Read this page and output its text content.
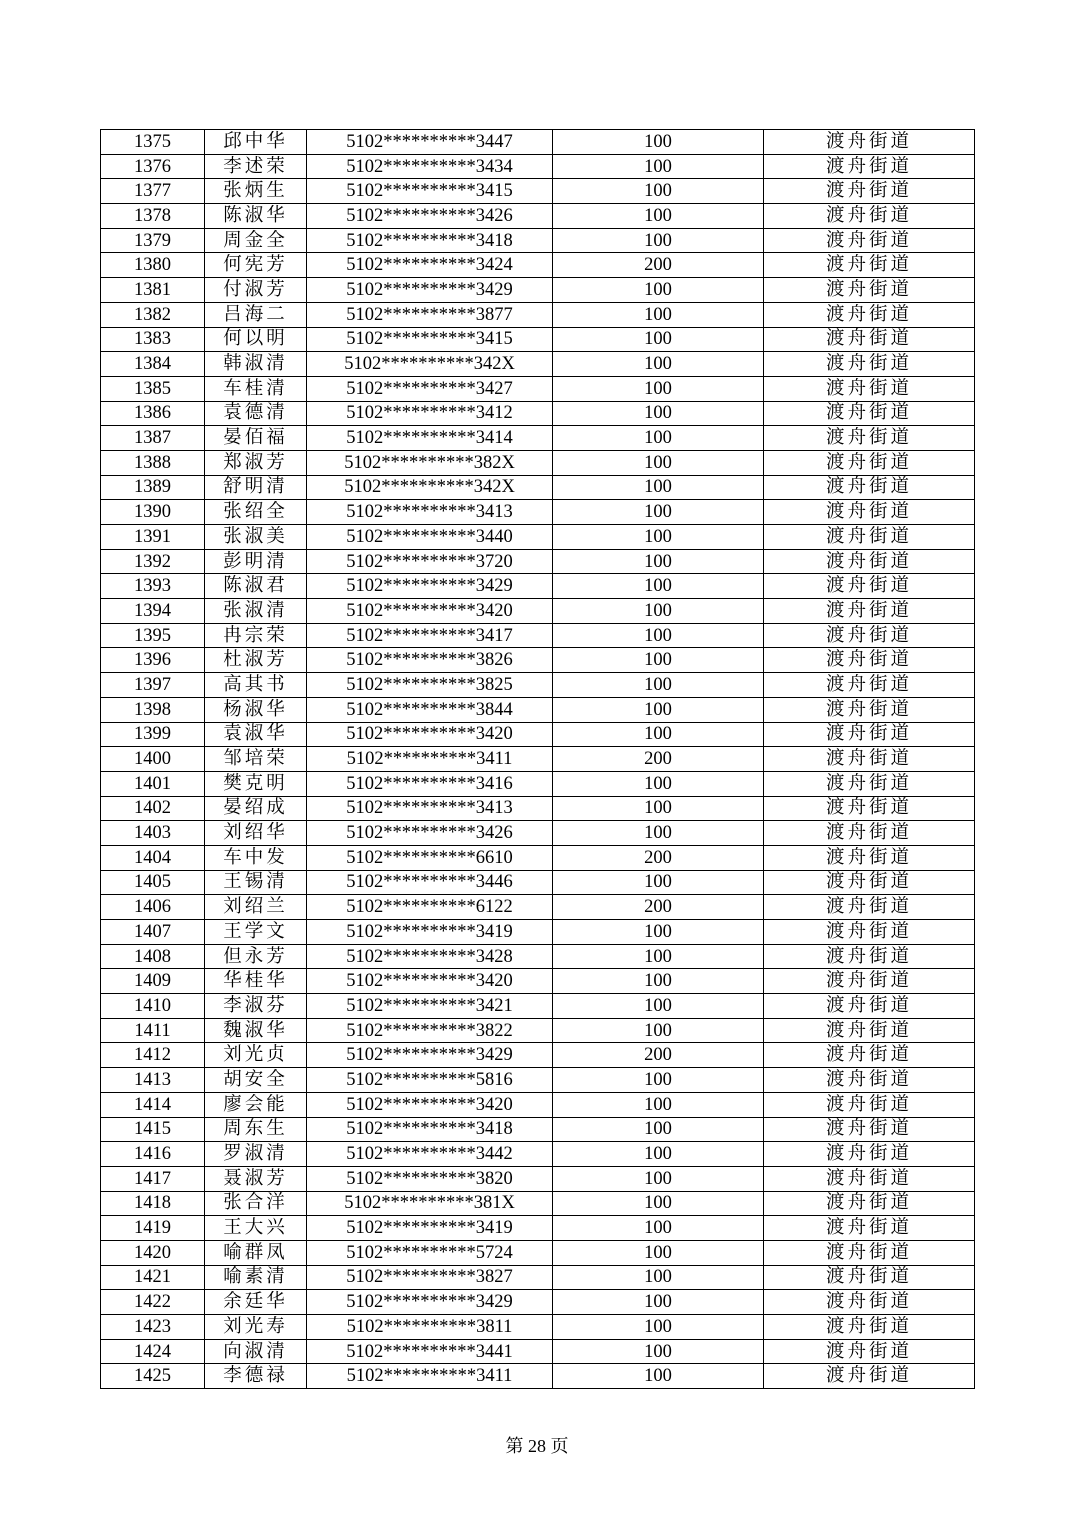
1375	邱中华	5102**********3447	100	渡舟街道
1376	李述荣	5102**********3434	100	渡舟街道
1377	张炳生	5102**********3415	100	渡舟街道
1378	陈淑华	5102**********3426	100	渡舟街道
1379	周金全	5102**********3418	100	渡舟街道
1380	何宪芳	5102**********3424	200	渡舟街道
1381	付淑芳	5102**********3429	100	渡舟街道
1382	吕海二	5102**********3877	100	渡舟街道
1383	何以明	5102**********3415	100	渡舟街道
1384	韩淑清	5102**********342X	100	渡舟街道
1385	车桂清	5102**********3427	100	渡舟街道
1386	袁德清	5102**********3412	100	渡舟街道
1387	晏佰福	5102**********3414	100	渡舟街道
1388	郑淑芳	5102**********382X	100	渡舟街道
1389	舒明清	5102**********342X	100	渡舟街道
1390	张绍全	5102**********3413	100	渡舟街道
1391	张淑美	5102**********3440	100	渡舟街道
1392	彭明清	5102**********3720	100	渡舟街道
1393	陈淑君	5102**********3429	100	渡舟街道
1394	张淑清	5102**********3420	100	渡舟街道
1395	冉宗荣	5102**********3417	100	渡舟街道
1396	杜淑芳	5102**********3826	100	渡舟街道
1397	高其书	5102**********3825	100	渡舟街道
1398	杨淑华	5102**********3844	100	渡舟街道
1399	袁淑华	5102**********3420	100	渡舟街道
1400	邹培荣	5102**********3411	200	渡舟街道
1401	樊克明	5102**********3416	100	渡舟街道
1402	晏绍成	5102**********3413	100	渡舟街道
1403	刘绍华	5102**********3426	100	渡舟街道
1404	车中发	5102**********6610	200	渡舟街道
1405	王锡清	5102**********3446	100	渡舟街道
1406	刘绍兰	5102**********6122	200	渡舟街道
1407	王学文	5102**********3419	100	渡舟街道
1408	但永芳	5102**********3428	100	渡舟街道
1409	华桂华	5102**********3420	100	渡舟街道
1410	李淑芬	5102**********3421	100	渡舟街道
1411	魏淑华	5102**********3822	100	渡舟街道
1412	刘光贞	5102**********3429	200	渡舟街道
1413	胡安全	5102**********5816	100	渡舟街道
1414	廖会能	5102**********3420	100	渡舟街道
1415	周东生	5102**********3418	100	渡舟街道
1416	罗淑清	5102**********3442	100	渡舟街道
1417	聂淑芳	5102**********3820	100	渡舟街道
1418	张合洋	5102**********381X	100	渡舟街道
1419	王大兴	5102**********3419	100	渡舟街道
1420	喻群凤	5102**********5724	100	渡舟街道
1421	喻素清	5102**********3827	100	渡舟街道
1422	余廷华	5102**********3429	100	渡舟街道
1423	刘光寿	5102**********3811	100	渡舟街道
1424	向淑清	5102**********3441	100	渡舟街道
1425	李德禄	5102**********3411	100	渡舟街道
第 28 页
